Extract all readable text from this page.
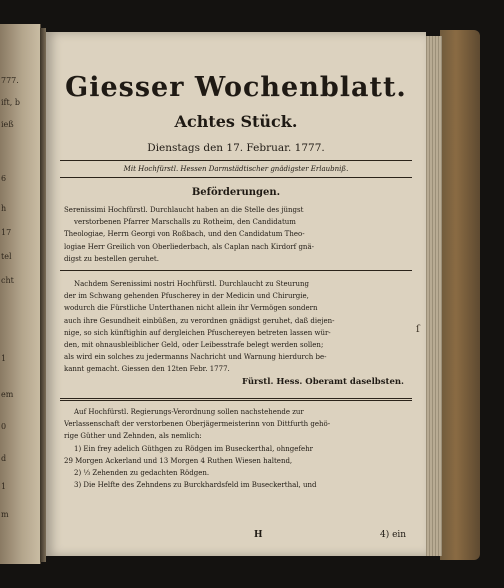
777.
ift, b
ieß
6
h
17
tel
cht
1
em
0
d
1
m
Giesser Wochenblatt.
Achtes Stück.
Dienstags den 17. Februar. 1777.
Mit Hochfürstl. Hessen Darmstädtischer gnädigster Erlaubniß.
Beförderungen.
Serenissimi Hochfürstl. Durchlaucht haben an die Stelle des jüngst
verstorbenen Pfarrer Marschalls zu Rotheim, den Candidatum
Theologiae, Herrn Georgi von Roßbach, und den Candidatum Theo-
logiae Herr Greilich von Oberliederbach, als Caplan nach Kirdorf gnä-
digst zu bestellen geruhet.
Nachdem Serenissimi nostri Hochfürstl. Durchlaucht zu Steurung
der im Schwang gehenden Pfuscherey in der Medicin und Chirurgie,
wodurch die Fürstliche Unterthanen nicht allein ihr Vermögen sondern
auch ihre Gesundheit einbüßen, zu verordnen gnädigst geruhet, daß diejen-
nige, so sich künftighin auf dergleichen Pfuschereyen betreten lassen wür-
den, mit ohnausbleiblicher Geld, oder Leibesstrafe belegt werden sollen;
als wird ein solches zu jedermanns Nachricht und Warnung hierdurch be-
kannt gemacht. Giessen den 12ten Febr. 1777.
Fürstl. Hess. Oberamt daselbsten.
ſ
Auf Hochfürstl. Regierungs-Verordnung sollen nachstehende zur
Verlassenschaft der verstorbenen Oberjägermeisterinn von Dittfurth gehö-
rige Güther und Zehnden, als nemlich:
1) Ein frey adelich Güthgen zu Rödgen im Buseckerthal, ohngefehr
29 Morgen Ackerland und 13 Morgen 4 Ruthen Wiesen haltend,
2) ⅓ Zehenden zu gedachten Rödgen.
3) Die Helfte des Zehndens zu Burckhardsfeld im Buseckerthal, und
H	4) ein
